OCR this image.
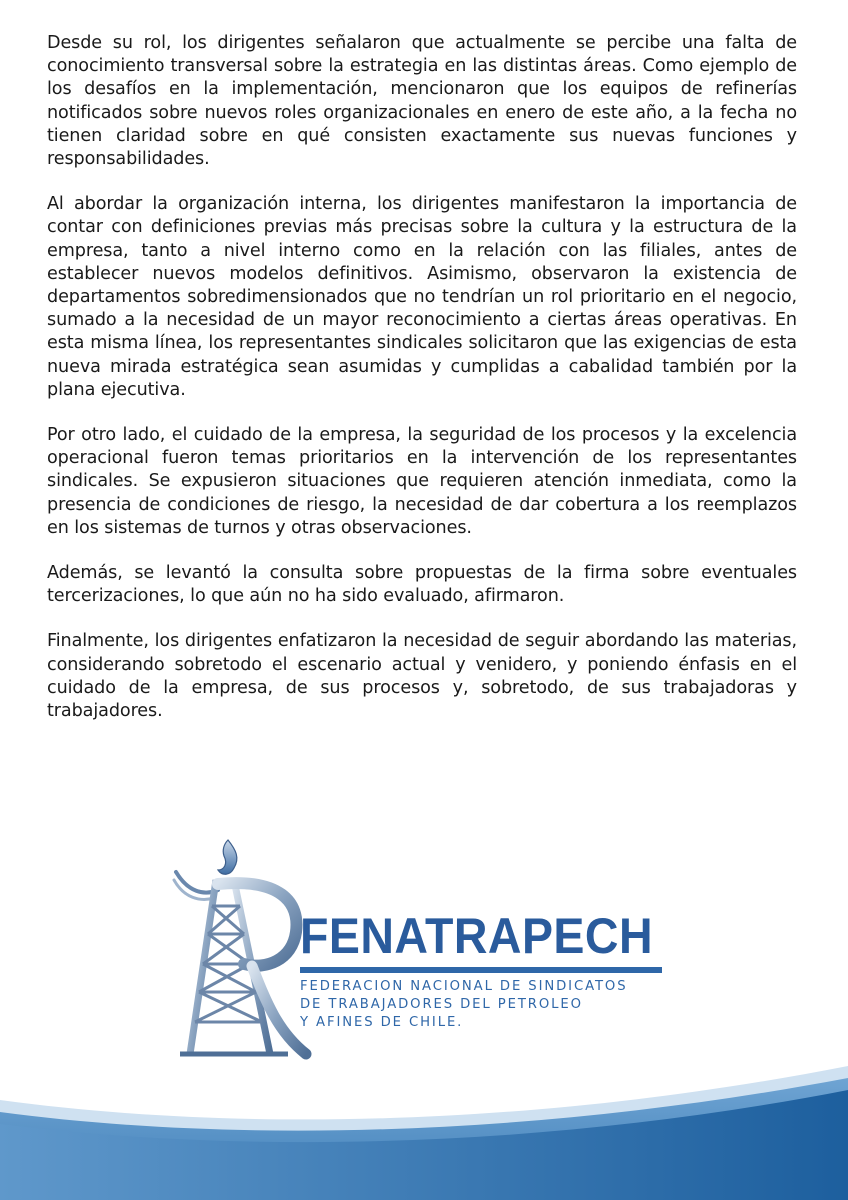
Desde su rol, los dirigentes señalaron que actualmente se percibe una falta de conocimiento transversal sobre la estrategia en las distintas áreas. Como ejemplo de los desafíos en la implementación, mencionaron que los equipos de refinerías notificados sobre nuevos roles organizacionales en enero de este año, a la fecha no tienen claridad sobre en qué consisten exactamente sus nuevas funciones y responsabilidades.

Al abordar la organización interna, los dirigentes manifestaron la importancia de contar con definiciones previas más precisas sobre la cultura y la estructura de la empresa, tanto a nivel interno como en la relación con las filiales, antes de establecer nuevos modelos definitivos. Asimismo, observaron la existencia de departamentos sobredimensionados que no tendrían un rol prioritario en el negocio, sumado a la necesidad de un mayor reconocimiento a ciertas áreas operativas. En esta misma línea, los representantes sindicales solicitaron que las exigencias de esta nueva mirada estratégica sean asumidas y cumplidas a cabalidad también por la plana ejecutiva.

Por otro lado, el cuidado de la empresa, la seguridad de los procesos y la excelencia operacional fueron temas prioritarios en la intervención de los representantes sindicales. Se expusieron situaciones que requieren atención inmediata, como la presencia de condiciones de riesgo, la necesidad de dar cobertura a los reemplazos en los sistemas de turnos y otras observaciones.

Además, se levantó la consulta sobre propuestas de la firma sobre eventuales tercerizaciones, lo que aún no ha sido evaluado, afirmaron.

Finalmente, los dirigentes enfatizaron la necesidad de seguir abordando las materias, considerando sobretodo el escenario actual y venidero, y poniendo énfasis en el cuidado de la empresa, de sus procesos y, sobretodo, de sus trabajadoras y trabajadores.

FENATRAPECH
FEDERACION NACIONAL DE SINDICATOS
DE TRABAJADORES DEL PETROLEO
Y AFINES DE CHILE.
